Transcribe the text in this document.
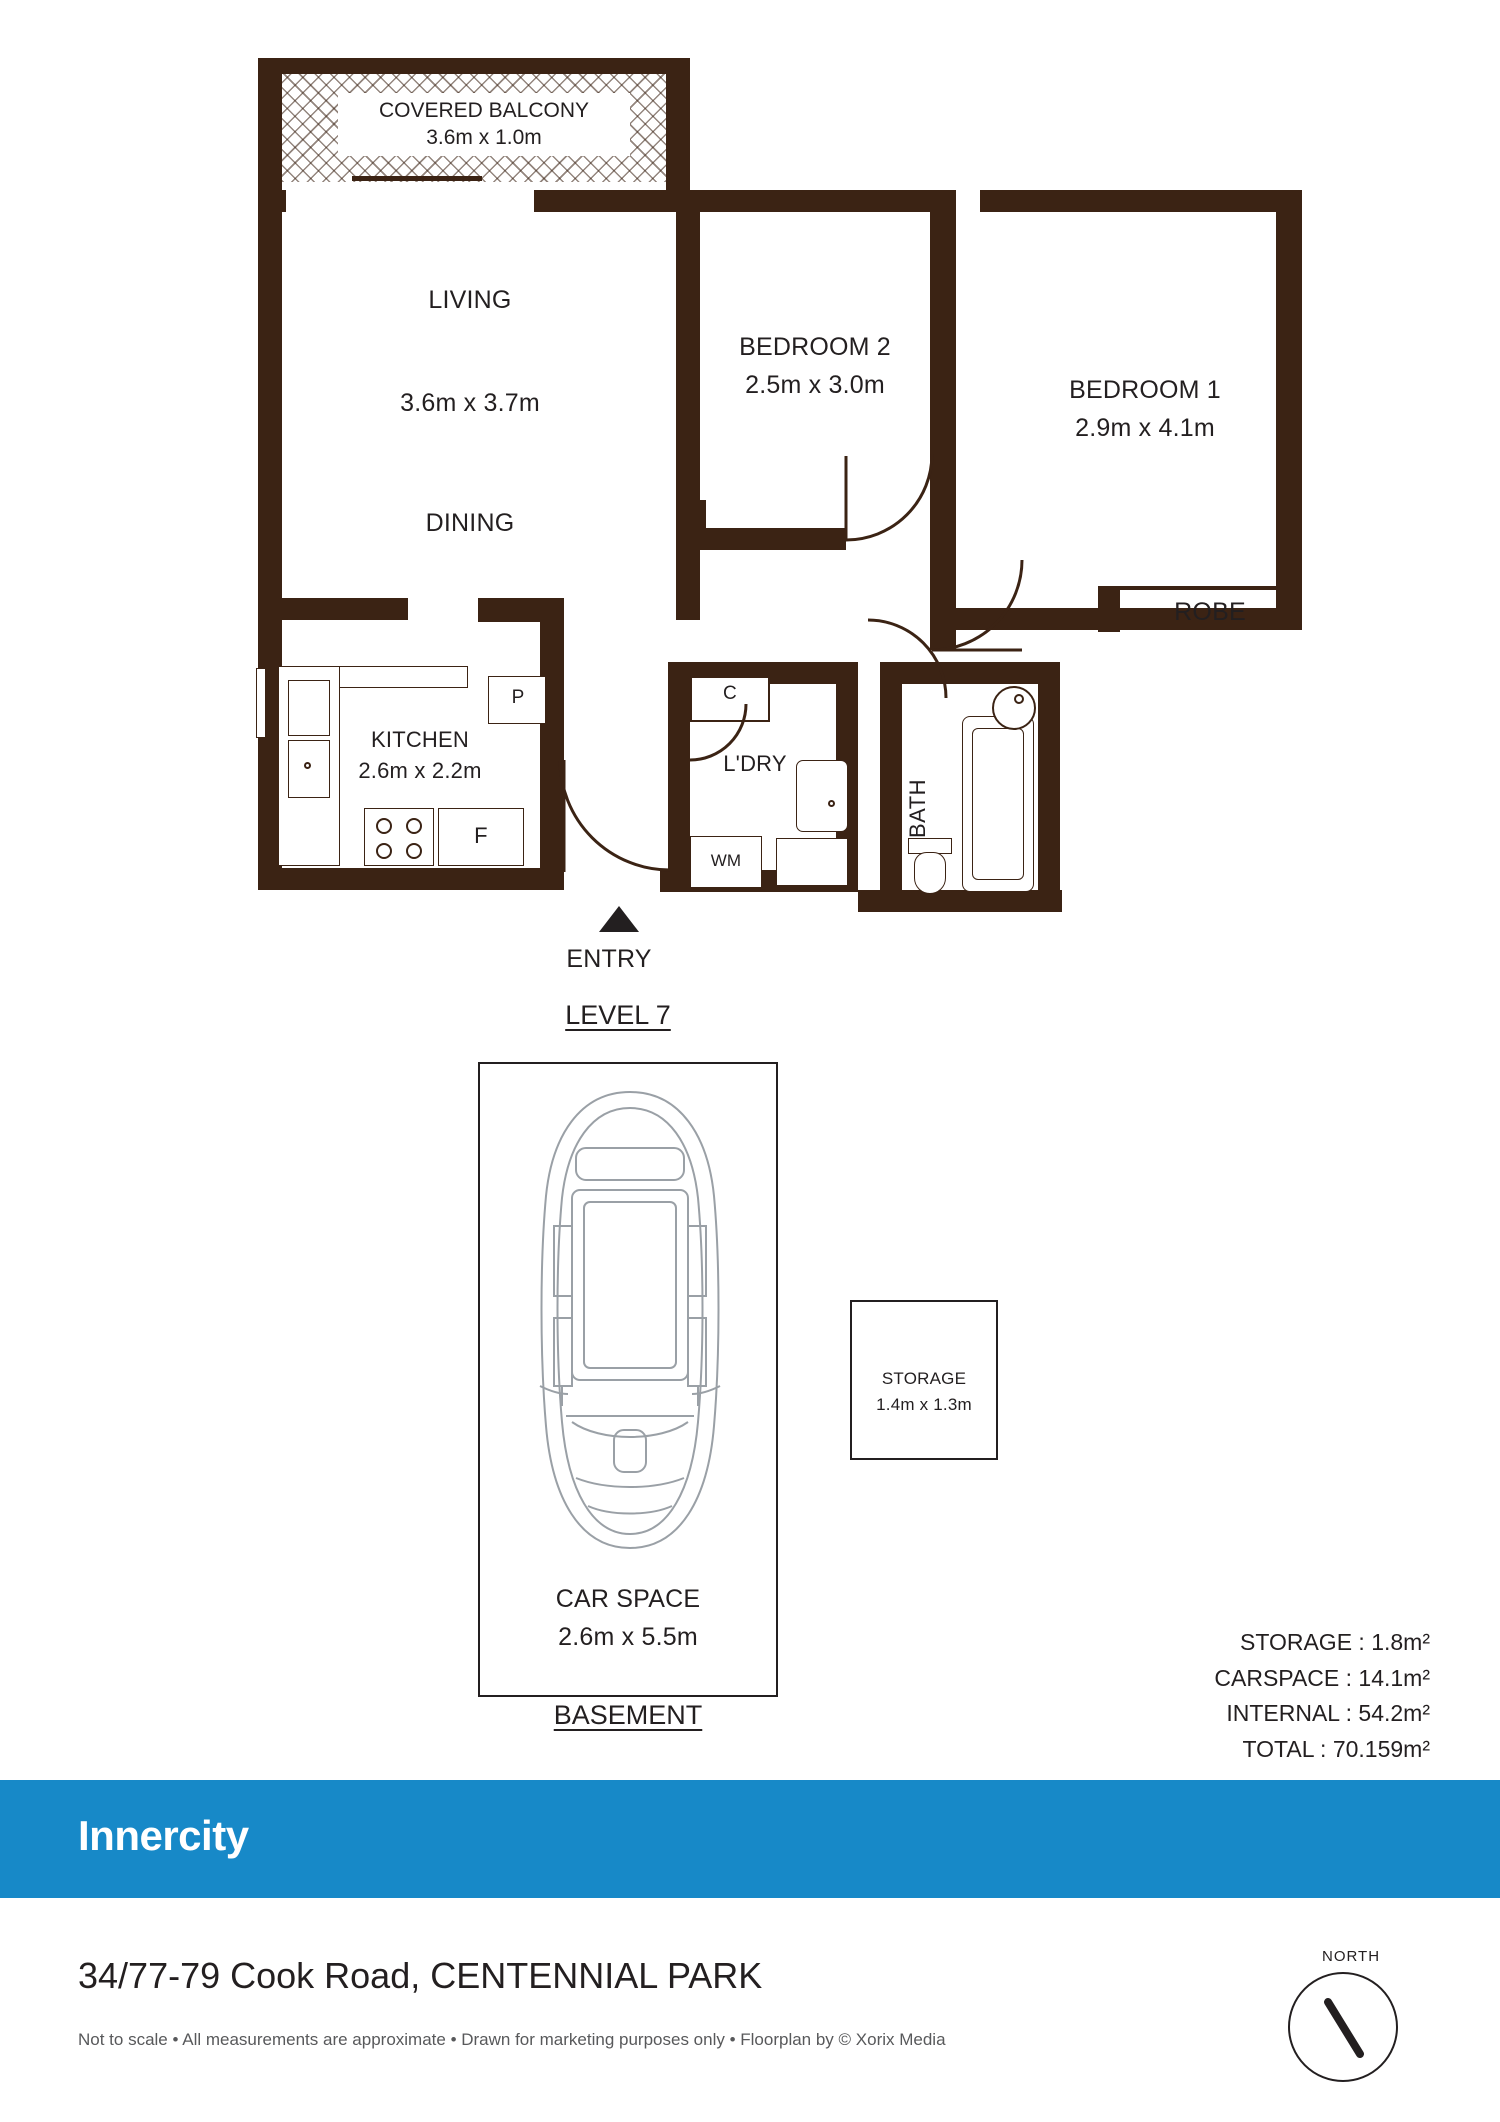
COVERED BALCONY
3.6m x 1.0m
C
LIVING
3.6m x 3.7m
DINING
BEDROOM 2
2.5m x 3.0m	BEDROOM 1
2.9m x 4.1m
ROBE
KITCHEN
2.6m x 2.2m	L'DRY
BATH
F
P
WM
ENTRY
LEVEL 7
CAR SPACE
2.6m x 5.5m
STORAGE
1.4m x 1.3m
BASEMENT
STORAGE : 1.8m²
CARSPACE : 14.1m²
INTERNAL : 54.2m²
TOTAL : 70.159m²
Innercity
34/77-79 Cook Road, CENTENNIAL PARK
Not to scale • All measurements are approximate • Drawn for marketing purposes only • Floorplan by © Xorix Media
NORTH
